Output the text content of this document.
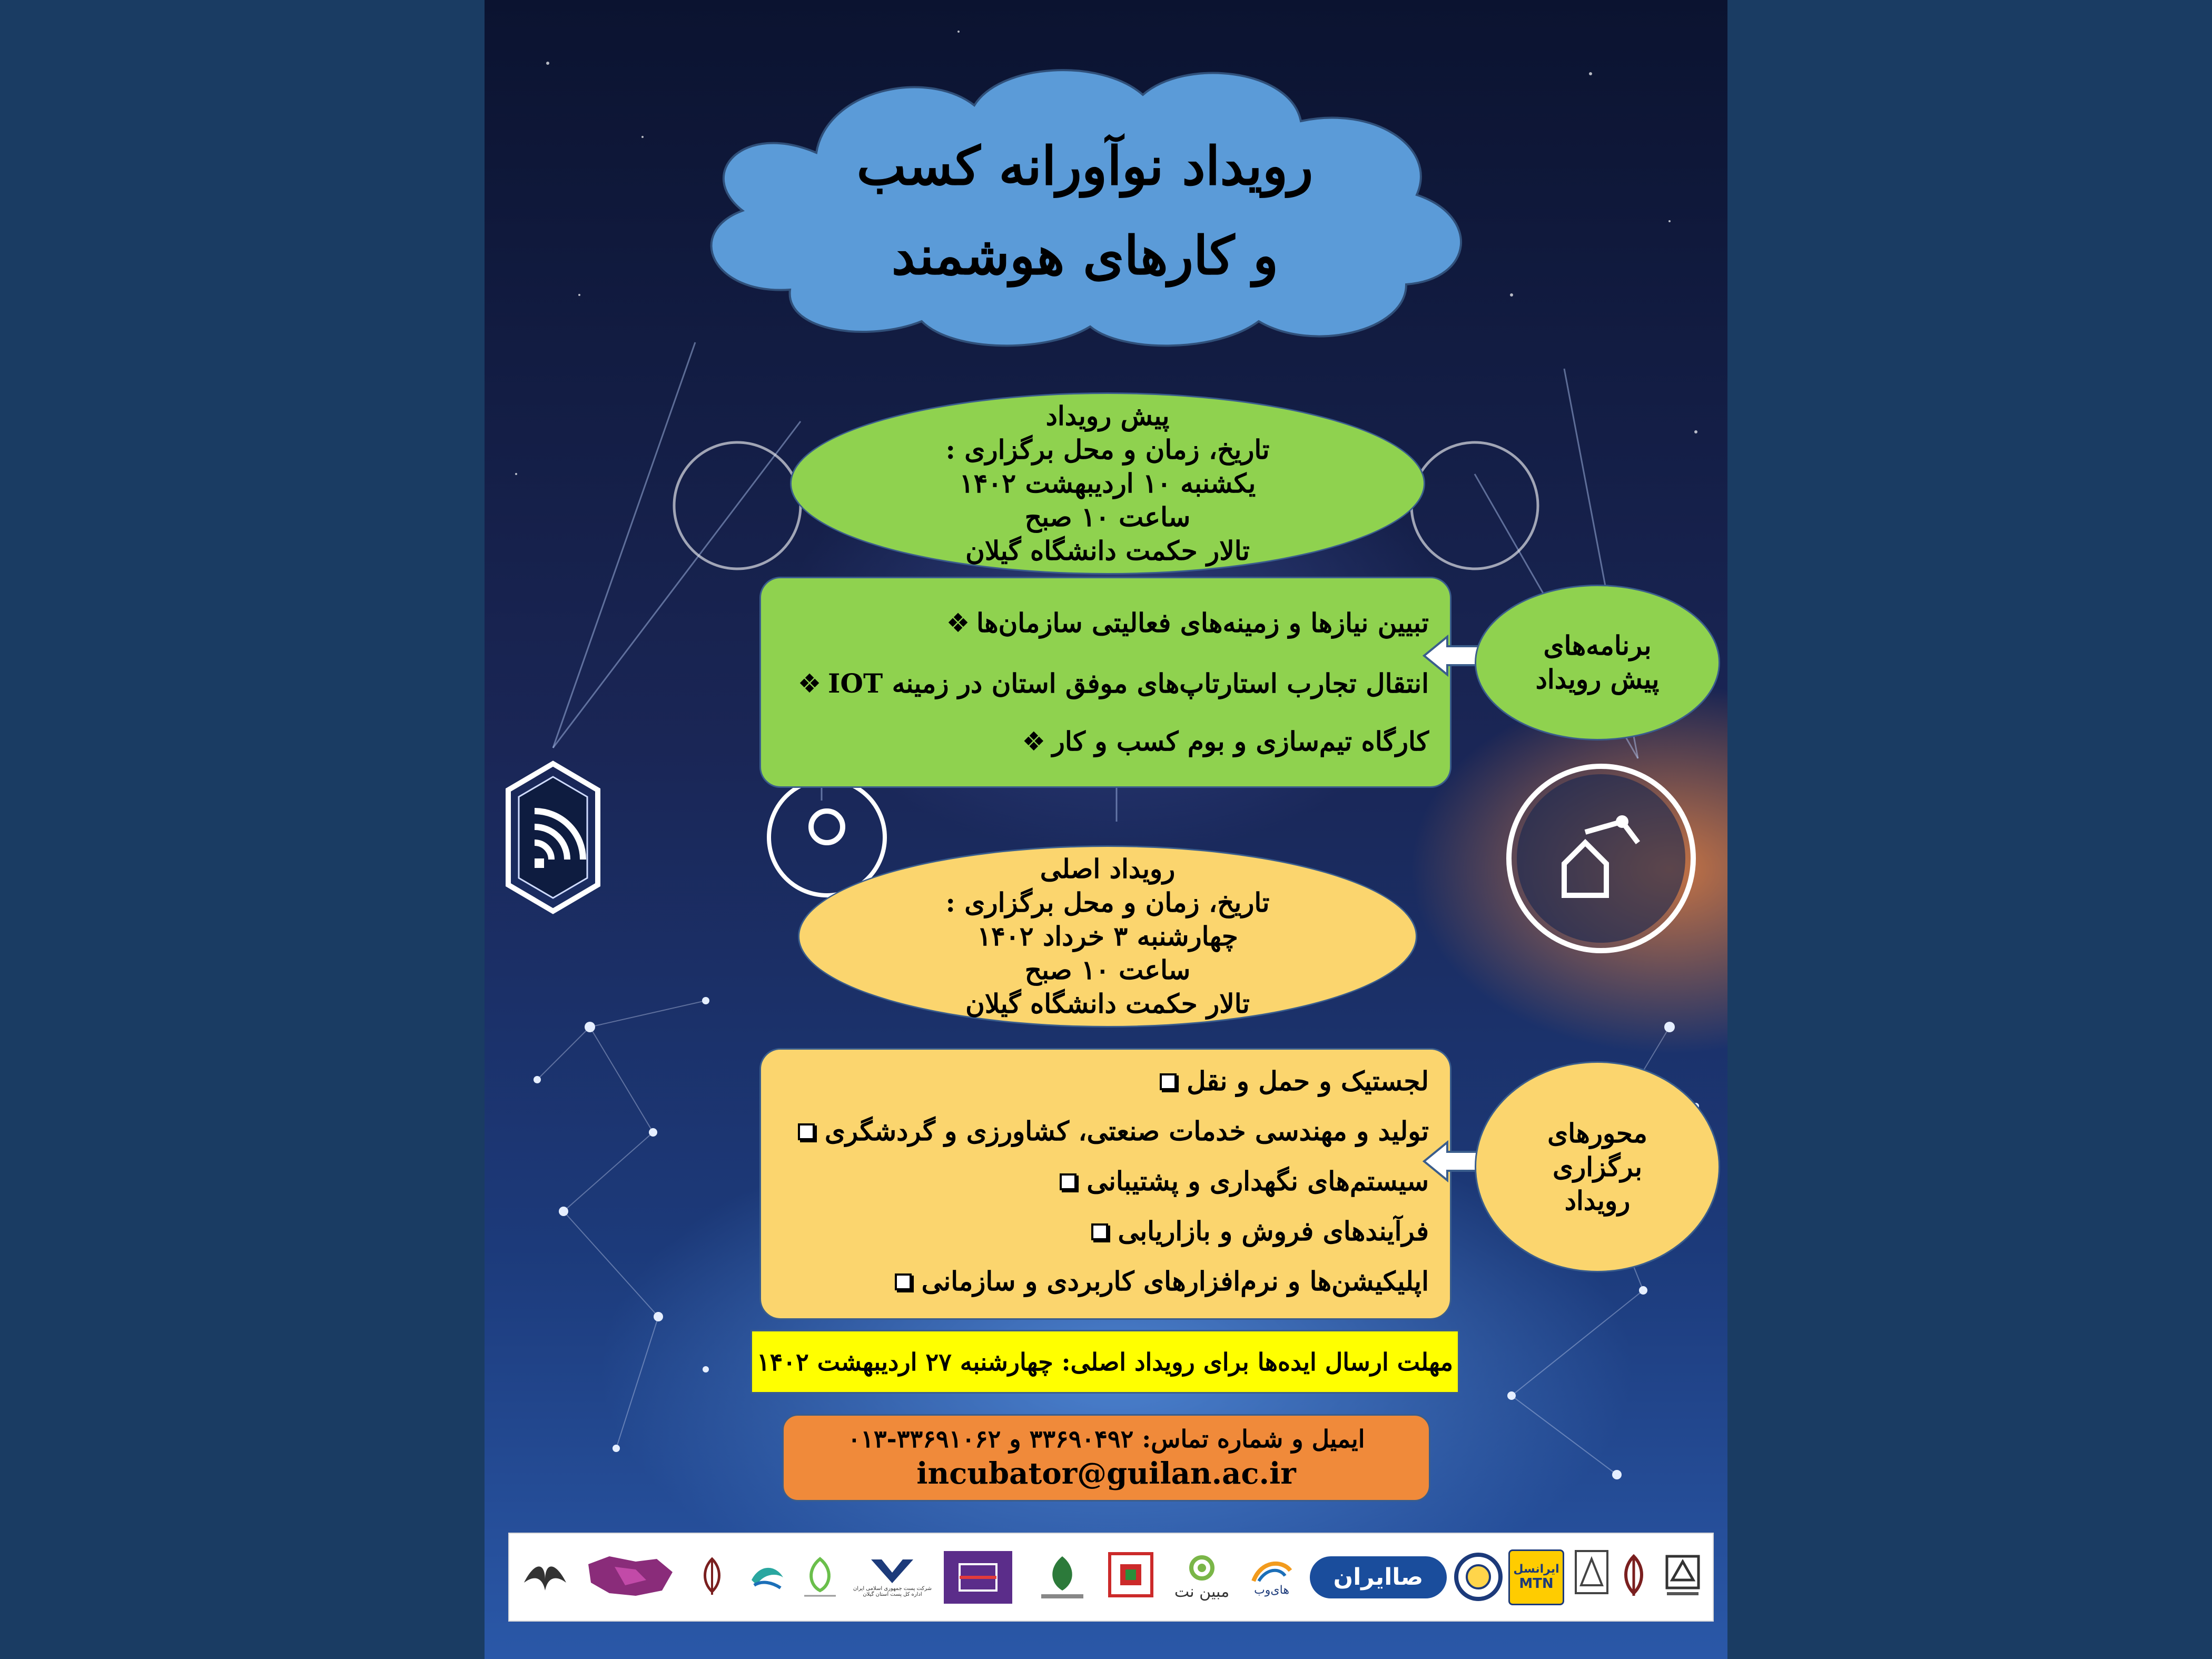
رویداد نوآورانه کسب
و کارهای هوشمند
پیش رویداد
تاریخ، زمان و محل برگزاری :
یکشنبه ۱۰ اردیبهشت ۱۴۰۲
ساعت ۱۰ صبح
تالار حکمت دانشگاه گیلان
❖ تبیین نیازها و زمینه‌های فعالیتی سازمان‌ها
❖ انتقال تجارب استارتاپ‌های موفق استان در زمینه IOT
❖ کارگاه تیم‌سازی و بوم کسب و کار
برنامه‌های
پیش رویداد
رویداد اصلی
تاریخ، زمان و محل برگزاری :
چهارشنبه ۳ خرداد ۱۴۰۲
ساعت ۱۰ صبح
تالار حکمت دانشگاه گیلان
لجستیک و حمل و نقل
تولید و مهندسی خدمات صنعتی، کشاورزی و گردشگری
سیستم‌های نگهداری و پشتیبانی
فرآیندهای فروش و بازاریابی
اپلیکیشن‌ها و نرم‌افزارهای کاربردی و سازمانی
محورهای
برگزاری
رویداد
مهلت ارسال ایده‌ها برای رویداد اصلی: چهارشنبه ۲۷ اردیبهشت ۱۴۰۲
ایمیل و شماره تماس: ۳۳۶۹۰۴۹۲ و ۳۳۶۹۱۰۶۲-۰۱۳
incubator@guilan.ac.ir
ایرانسل
MTN
صاایران
های‌وب
مبین نت
شرکت پست جمهوری اسلامی ایران
اداره کل پست استان گیلان
